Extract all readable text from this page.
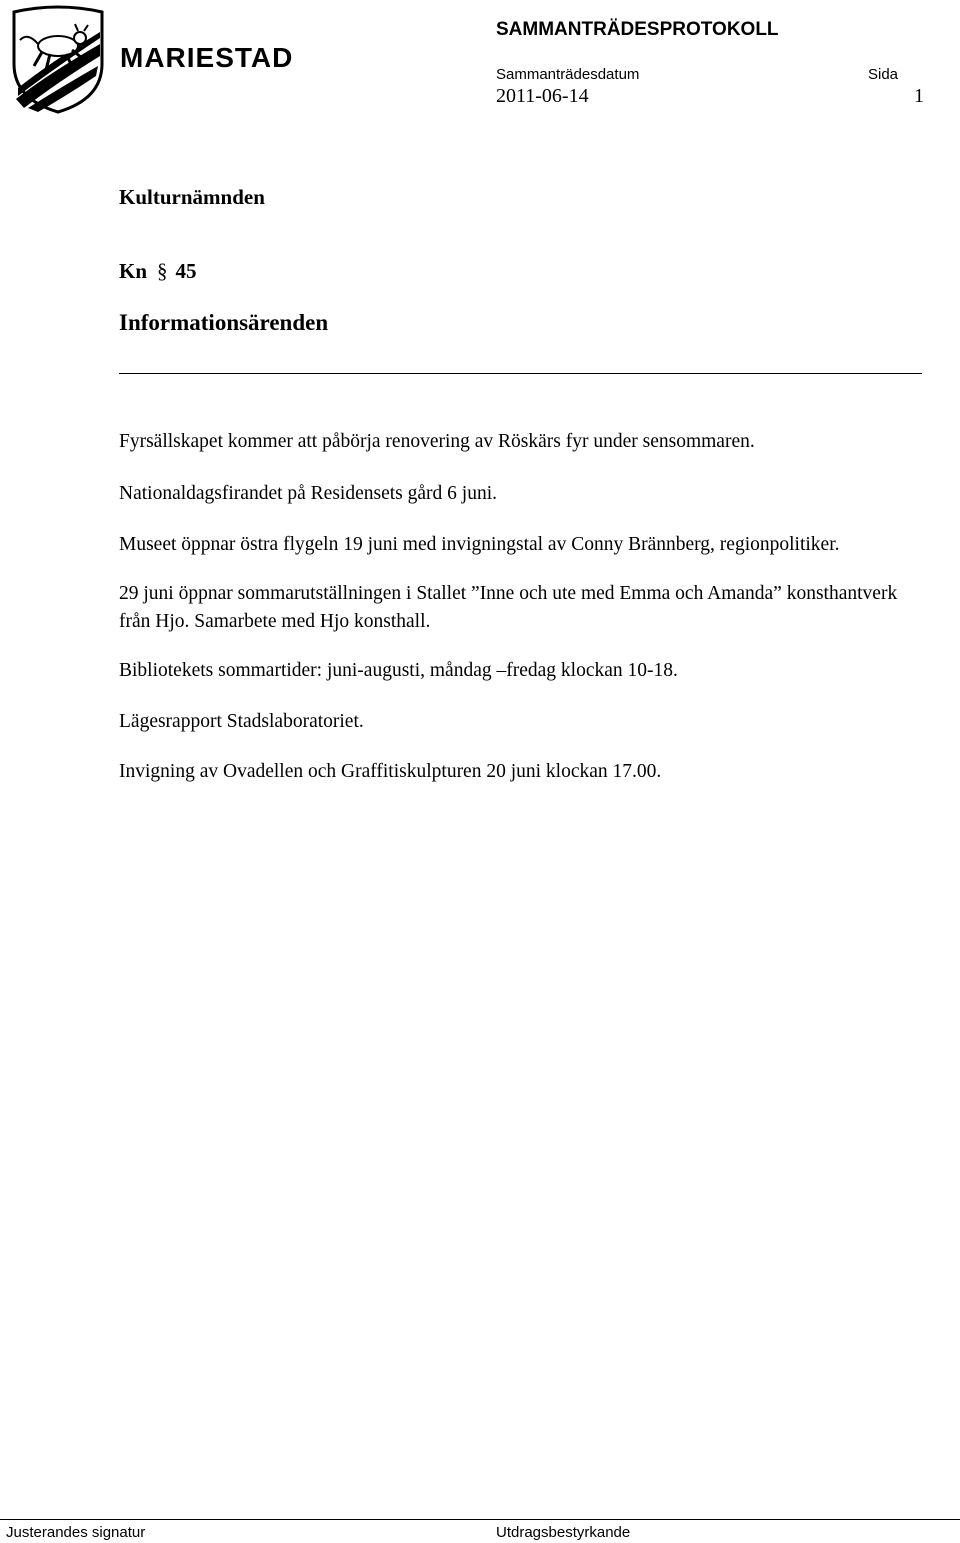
MARIESTAD
SAMMANTRÄDESPROTOKOLL
Sammanträdesdatum	Sida
2011-06-14	1
Kulturnämnden
Kn § 45
Informationsärenden

Fyrsällskapet kommer att påbörja renovering av Röskärs fyr under sensommaren.

Nationaldagsfirandet på Residensets gård 6 juni.

Museet öppnar östra flygeln 19 juni med invigningstal av Conny Brännberg, regionpolitiker.

29 juni öppnar sommarutställningen i Stallet ”Inne och ute med Emma och Amanda” konsthantverk från Hjo. Samarbete med Hjo konsthall.

Bibliotekets sommartider: juni-augusti, måndag –fredag klockan 10-18.

Lägesrapport Stadslaboratoriet.

Invigning av Ovadellen och Graffitiskulpturen 20 juni klockan 17.00.

Justerandes signatur	Utdragsbestyrkande
